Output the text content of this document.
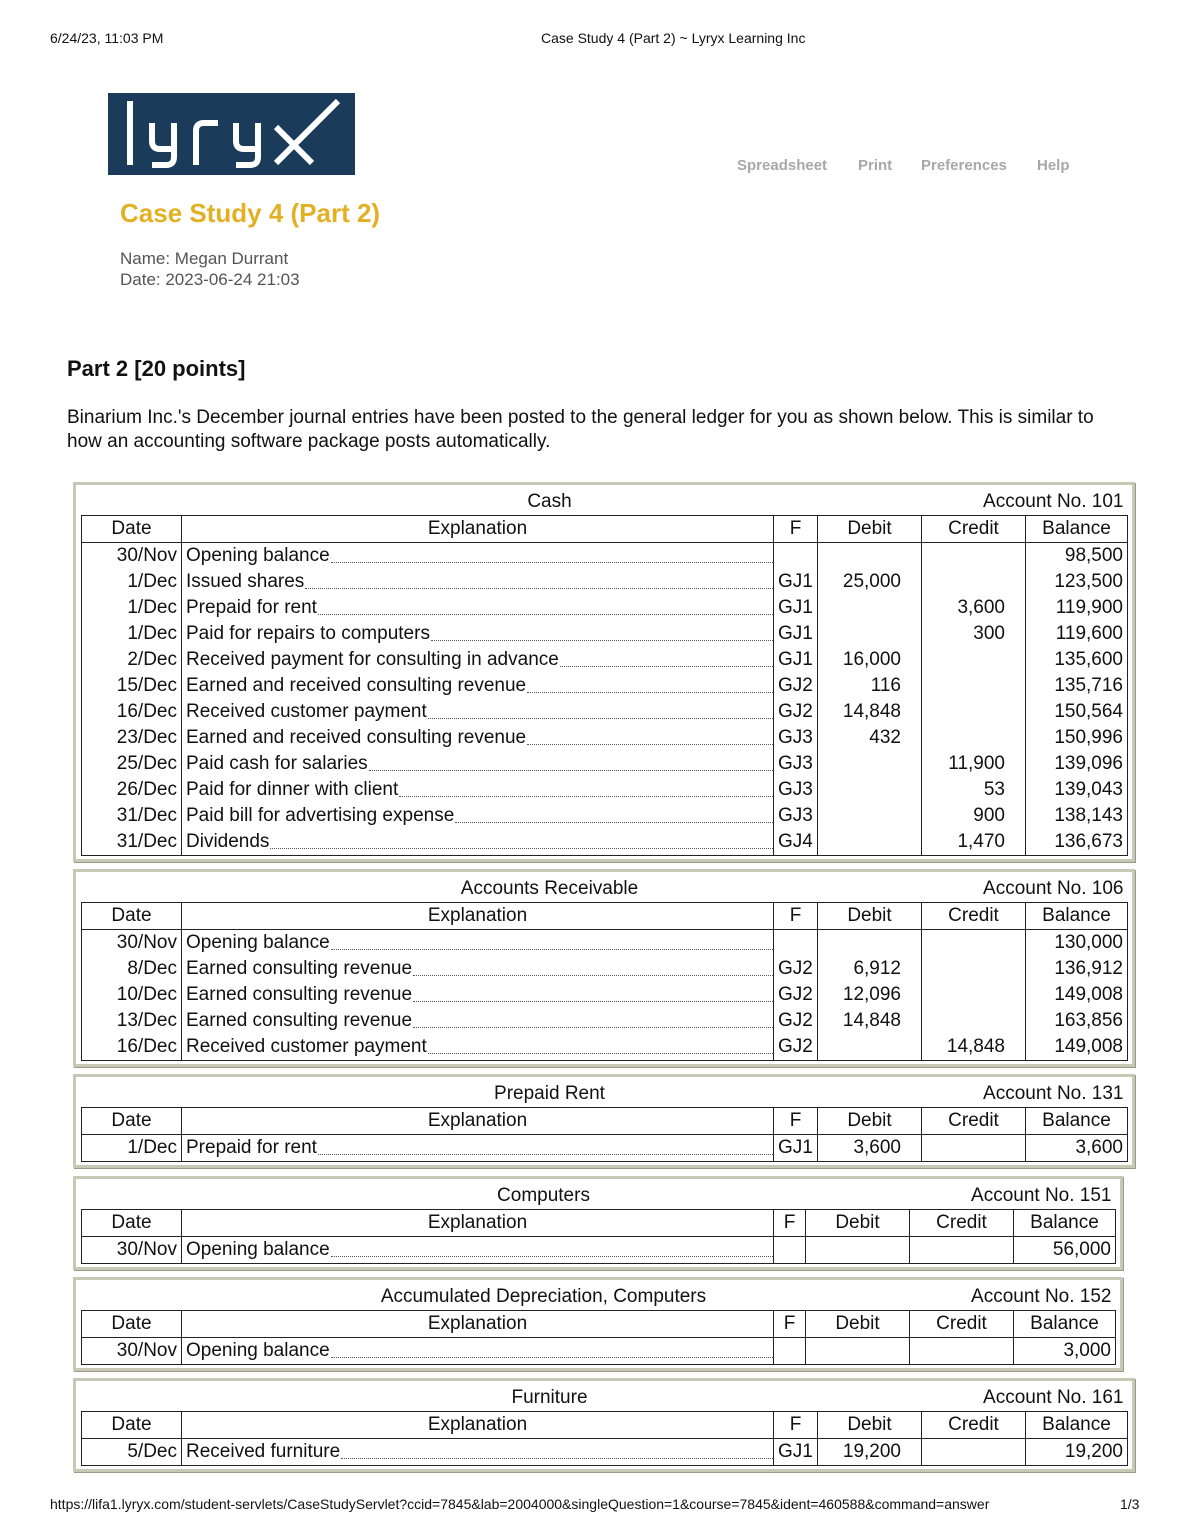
6/24/23, 11:03 PM	Case Study 4 (Part 2) ~ Lyryx Learning Inc
Spreadsheet Print Preferences Help
Case Study 4 (Part 2)
Name: Megan Durrant
Date: 2023-06-24 21:03
Part 2 [20 points]
Binarium Inc.'s December journal entries have been posted to the general ledger for you as shown below. This is similar to how an accounting software package posts automatically.
Cash				Account No. 101	
Date	Explanation	F	Debit	Credit	Balance
30/Nov	Opening balance				98,500
1/Dec	Issued shares	GJ1	25,000		123,500
1/Dec	Prepaid for rent	GJ1		3,600	119,900
1/Dec	Paid for repairs to computers	GJ1		300	119,600
2/Dec	Received payment for consulting in advance	GJ1	16,000		135,600
15/Dec	Earned and received consulting revenue	GJ2	116		135,716
16/Dec	Received customer payment	GJ2	14,848		150,564
23/Dec	Earned and received consulting revenue	GJ3	432		150,996
25/Dec	Paid cash for salaries	GJ3		11,900	139,096
26/Dec	Paid for dinner with client	GJ3		53	139,043
31/Dec	Paid bill for advertising expense	GJ3		900	138,143
31/Dec	Dividends	GJ4		1,470	136,673
Accounts Receivable				Account No. 106	
Date	Explanation	F	Debit	Credit	Balance
30/Nov	Opening balance				130,000
8/Dec	Earned consulting revenue	GJ2	6,912		136,912
10/Dec	Earned consulting revenue	GJ2	12,096		149,008
13/Dec	Earned consulting revenue	GJ2	14,848		163,856
16/Dec	Received customer payment	GJ2		14,848	149,008
Prepaid Rent				Account No. 131	
Date	Explanation	F	Debit	Credit	Balance
1/Dec	Prepaid for rent	GJ1	3,600		3,600
Computers				Account No. 151	
Date	Explanation	F	Debit	Credit	Balance
30/Nov	Opening balance				56,000
Accumulated Depreciation, Computers				Account No. 152	
Date	Explanation	F	Debit	Credit	Balance
30/Nov	Opening balance				3,000
Furniture				Account No. 161	
Date	Explanation	F	Debit	Credit	Balance
5/Dec	Received furniture	GJ1	19,200		19,200
https://lifa1.lyryx.com/student-servlets/CaseStudyServlet?ccid=7845&lab=2004000&singleQuestion=1&course=7845&ident=460588&command=answer	1/3
